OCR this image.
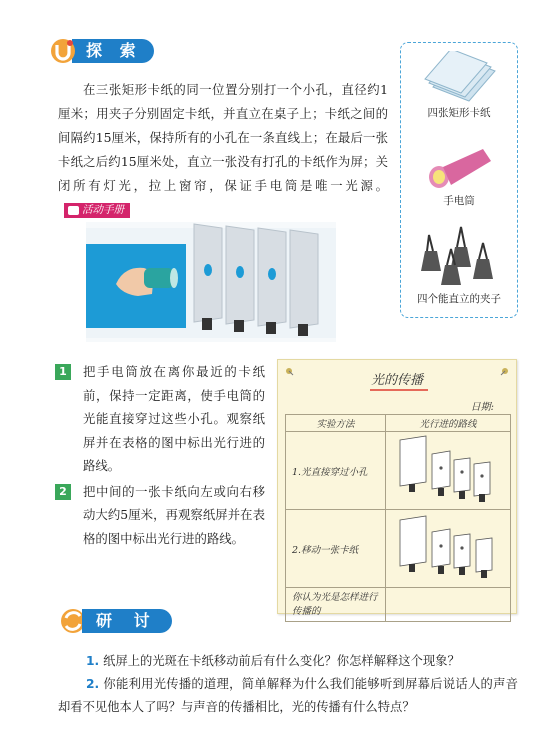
探 索
在三张矩形卡纸的同一位置分别打一个小孔，直径约1厘米；用夹子分别固定卡纸，并直立在桌子上；卡纸之间的间隔约15厘米，保持所有的小孔在一条直线上；在最后一张卡纸之后约15厘米处，直立一张没有打孔的卡纸作为屏；关闭所有灯光，拉上窗帘，保证手电筒是唯一光源。活动手册
四张矩形卡纸
手电筒
四个能直立的夹子
1	把手电筒放在离你最近的卡纸前，保持一定距离，使手电筒的光能直接穿过这些小孔。观察纸屏并在表格的图中标出光行进的路线。
2	把中间的一张卡纸向左或向右移动大约5厘米，再观察纸屏并在表格的图中标出光行进的路线。
光的传播
日期:
实验方法	光行进的路线
1.光直接穿过小孔	
2.移动一张卡纸	
你认为光是怎样进行传播的	
研 讨

1. 纸屏上的光斑在卡纸移动前后有什么变化？你怎样解释这个现象？

2. 你能利用光传播的道理，简单解释为什么我们能够听到屏幕后说话人的声音却看不见他本人了吗？与声音的传播相比，光的传播有什么特点？
